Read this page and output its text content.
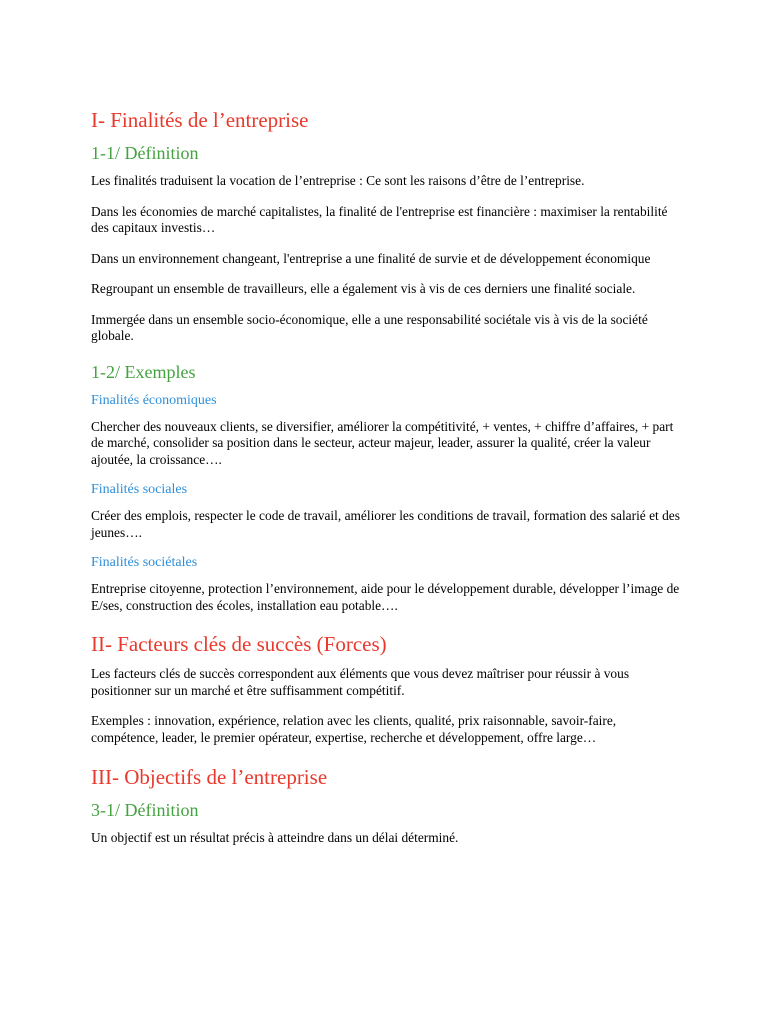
I- Finalités de l’entreprise
1-1/ Définition

Les finalités traduisent la vocation de l’entreprise : Ce sont les raisons d’être de l’entreprise.

Dans les économies de marché capitalistes, la finalité de l'entreprise est financière : maximiser la rentabilité des capitaux investis…

Dans un environnement changeant, l'entreprise a une finalité de survie et de développement économique

Regroupant un ensemble de travailleurs, elle a également vis à vis de ces derniers une finalité sociale.

Immergée dans un ensemble socio-économique, elle a une responsabilité sociétale vis à vis de la société globale.

1-2/ Exemples
Finalités économiques

Chercher des nouveaux clients, se diversifier, améliorer la compétitivité, + ventes, + chiffre d’affaires, + part de marché, consolider sa position dans le secteur, acteur majeur, leader, assurer la qualité, créer la valeur ajoutée, la croissance….

Finalités sociales

Créer des emplois, respecter le code de travail, améliorer les conditions de travail, formation des salarié et des jeunes….

Finalités sociétales

Entreprise citoyenne, protection l’environnement, aide pour le développement durable, développer l’image de E/ses, construction des écoles, installation eau potable….

II- Facteurs clés de succès (Forces)

Les facteurs clés de succès correspondent aux éléments que vous devez maîtriser pour réussir à vous positionner sur un marché et être suffisamment compétitif.

Exemples : innovation, expérience, relation avec les clients, qualité, prix raisonnable, savoir-faire, compétence, leader, le premier opérateur, expertise, recherche et développement, offre large…

III- Objectifs de l’entreprise
3-1/ Définition

Un objectif est un résultat précis à atteindre dans un délai déterminé.
